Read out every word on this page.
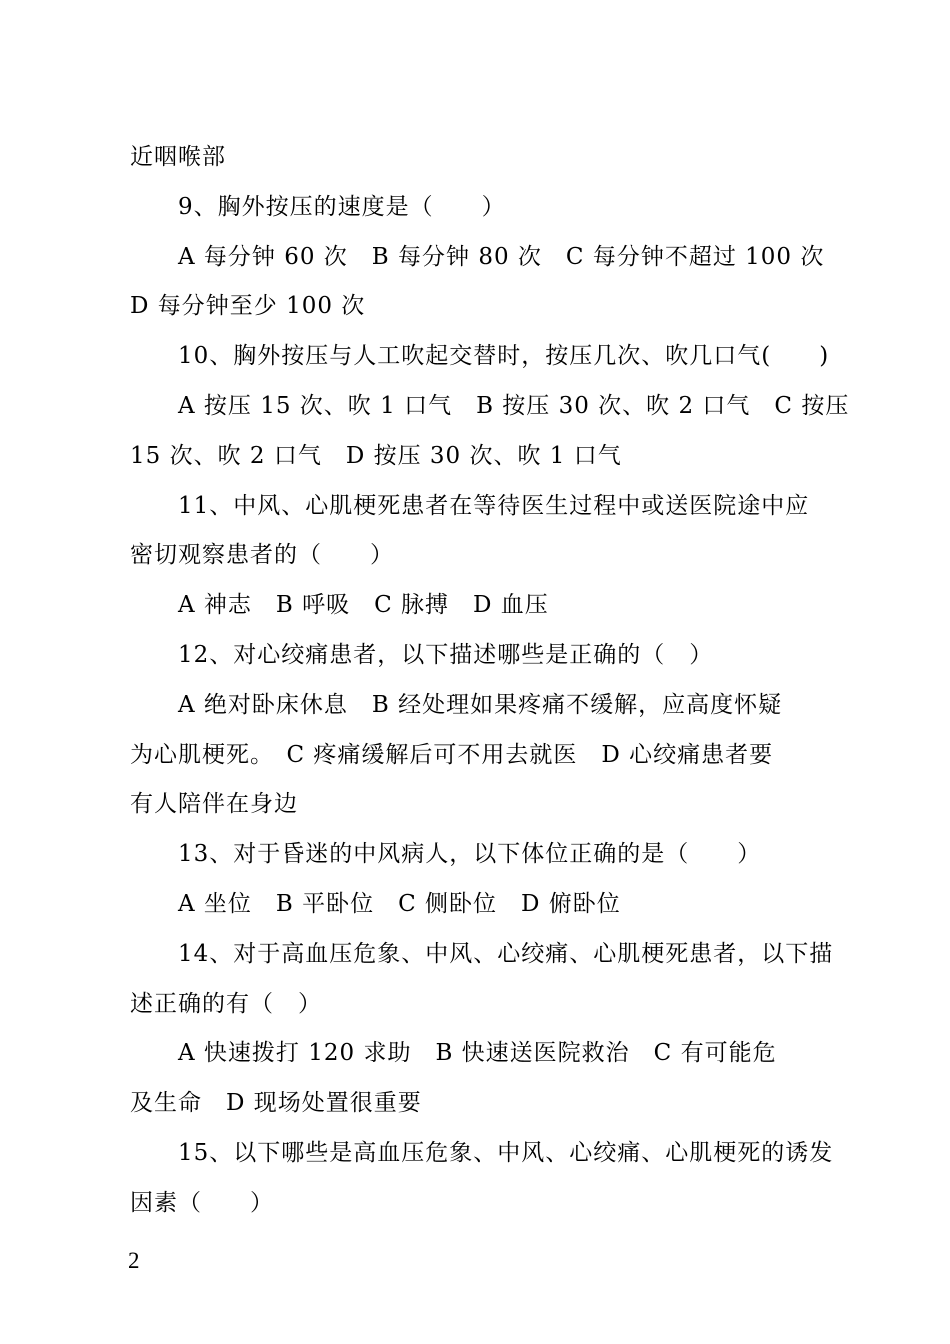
近咽喉部
9、胸外按压的速度是（　　）
A 每分钟 60 次　B 每分钟 80 次　C 每分钟不超过 100 次
D 每分钟至少 100 次
10、胸外按压与人工吹起交替时，按压几次、吹几口气(　　)
A 按压 15 次、吹 1 口气　B 按压 30 次、吹 2 口气　C 按压
15 次、吹 2 口气　D 按压 30 次、吹 1 口气
11、中风、心肌梗死患者在等待医生过程中或送医院途中应
密切观察患者的（　　）
A 神志　B 呼吸　C 脉搏　D 血压
12、对心绞痛患者，以下描述哪些是正确的（　）
A 绝对卧床休息　B 经处理如果疼痛不缓解，应高度怀疑
为心肌梗死。　C 疼痛缓解后可不用去就医　D 心绞痛患者要
有人陪伴在身边
13、对于昏迷的中风病人，以下体位正确的是（　　）
A 坐位　B 平卧位　C 侧卧位　D 俯卧位
14、对于高血压危象、中风、心绞痛、心肌梗死患者，以下描
述正确的有（　）
A 快速拨打 120 求助　B 快速送医院救治　C 有可能危
及生命　D 现场处置很重要
15、以下哪些是高血压危象、中风、心绞痛、心肌梗死的诱发
因素（　　）
2
